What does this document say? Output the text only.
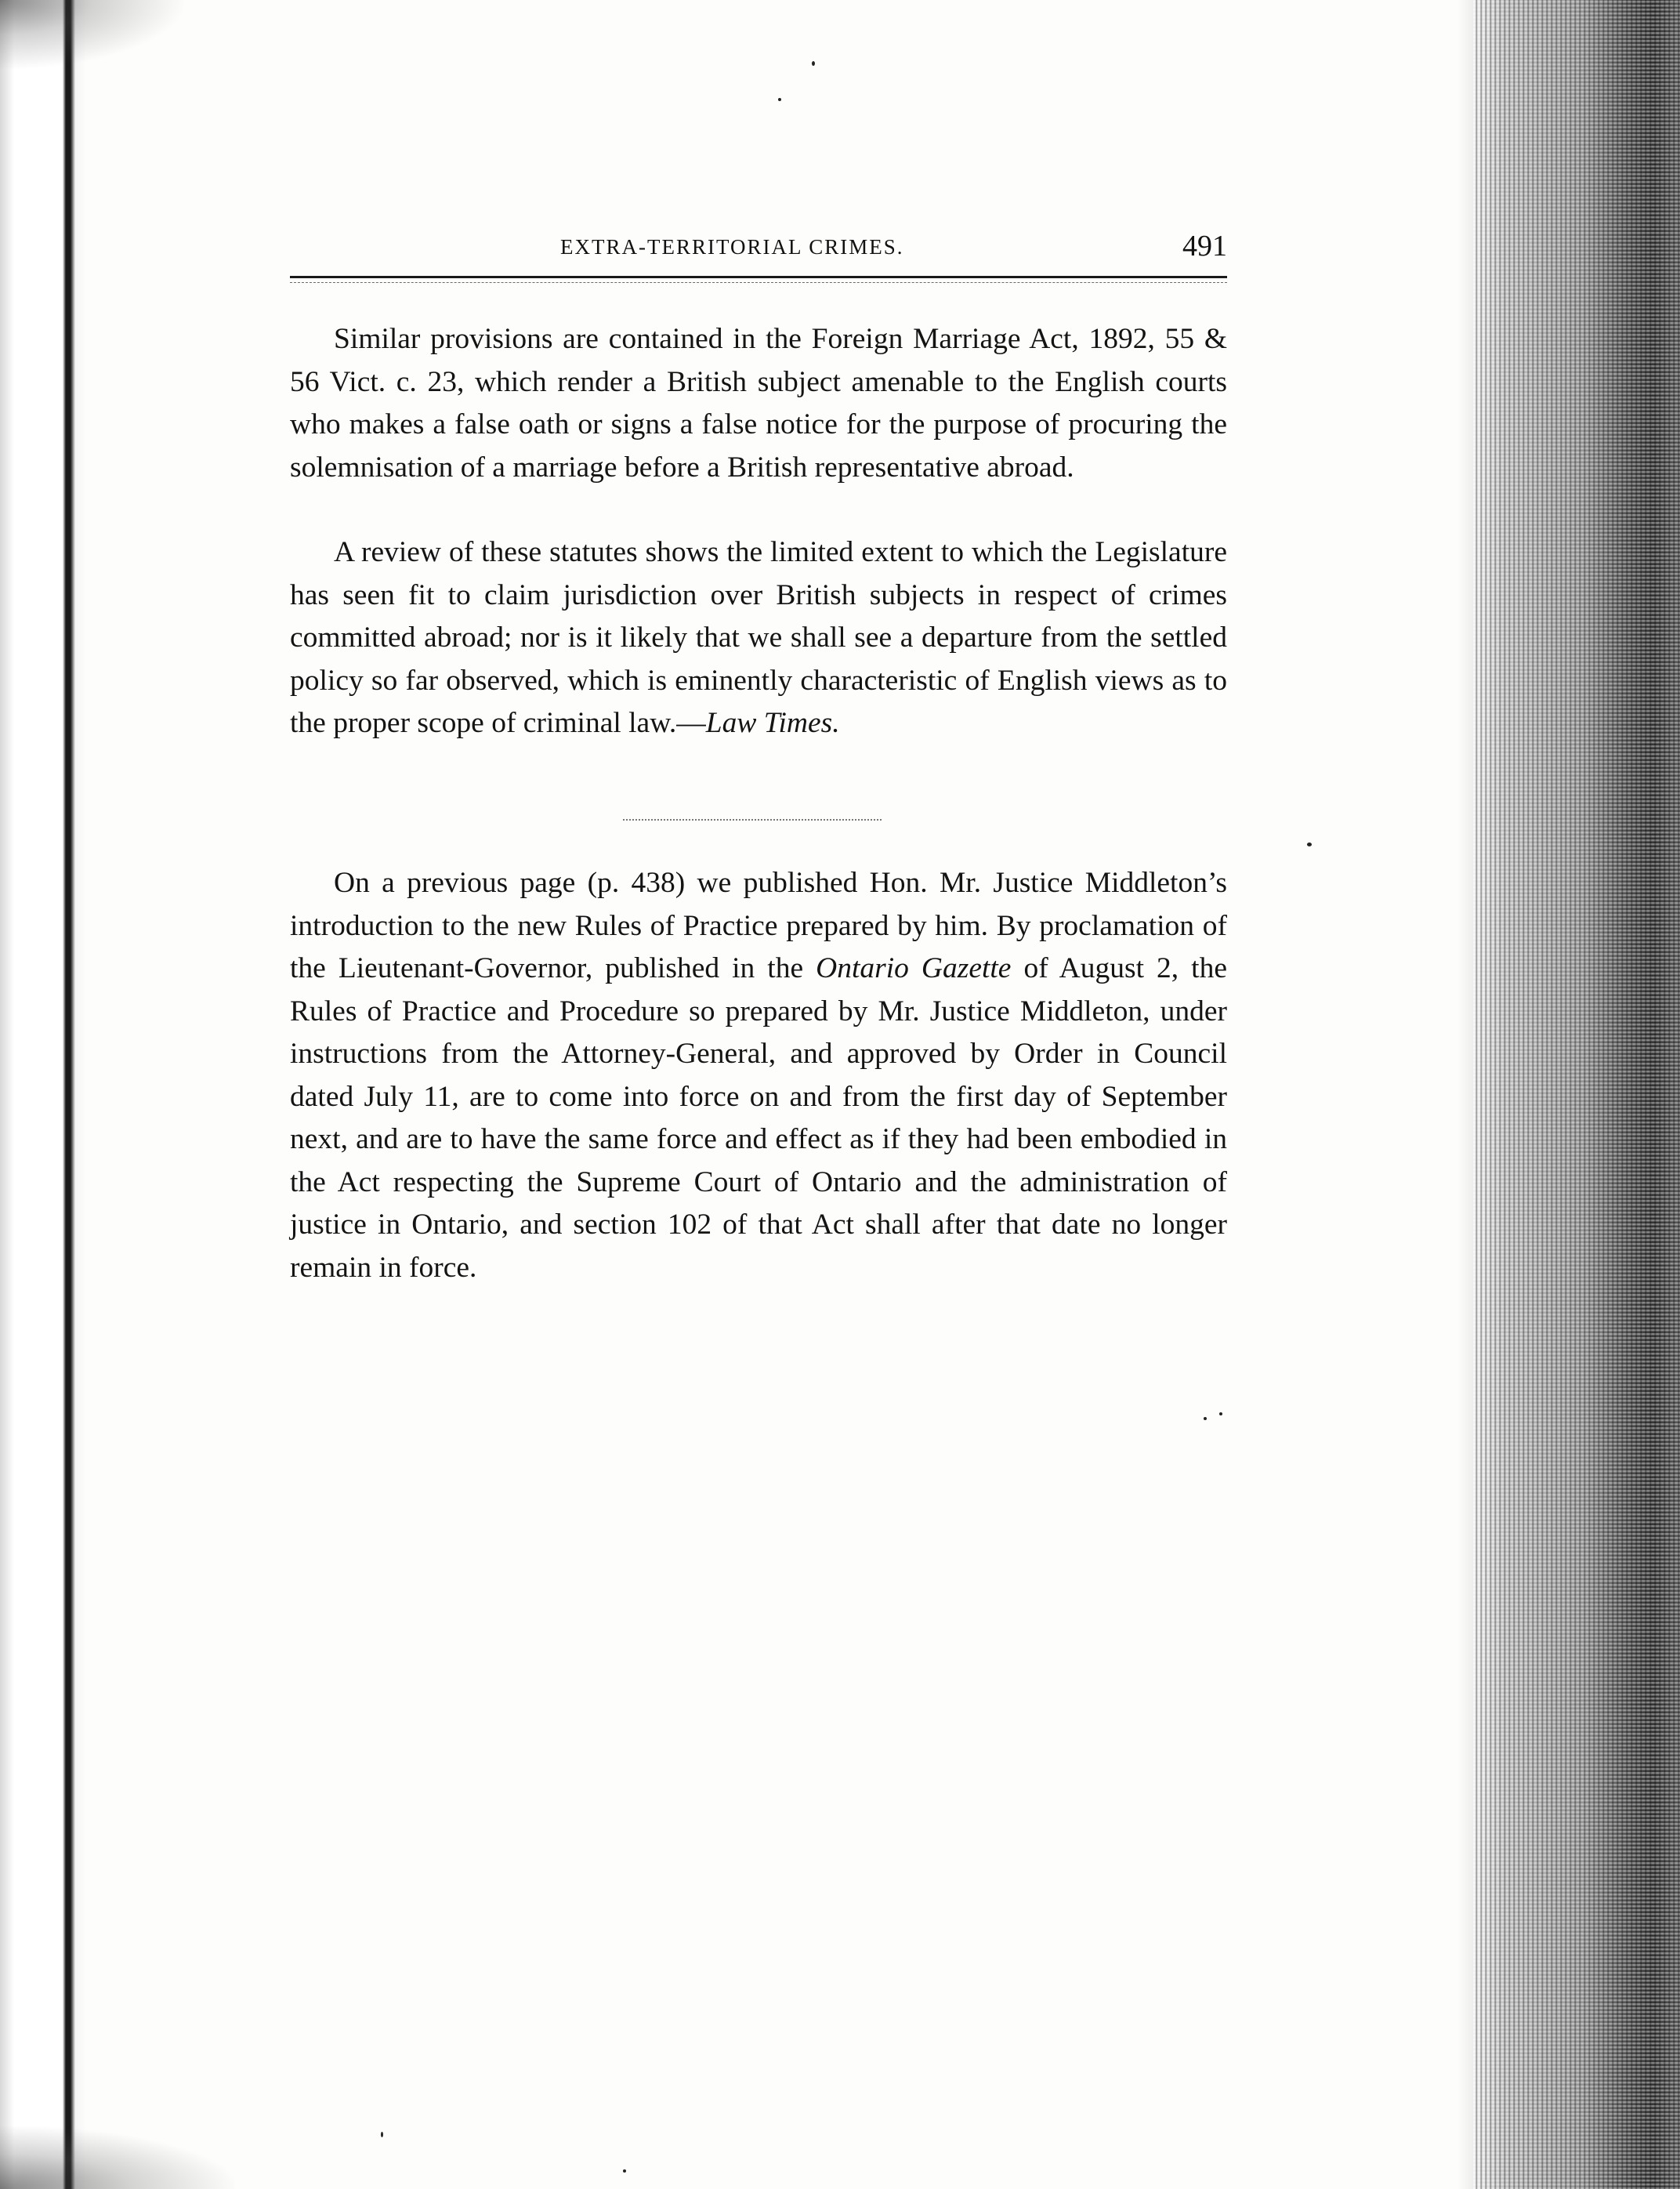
EXTRA-TERRITORIAL CRIMES.	491

Similar provisions are contained in the Foreign Marriage Act, 1892, 55 & 56 Vict. c. 23, which render a British subject amenable to the English courts who makes a false oath or signs a false notice for the purpose of procuring the solemnisation of a marriage before a British representative abroad.

A review of these statutes shows the limited extent to which the Legislature has seen fit to claim jurisdiction over British subjects in respect of crimes committed abroad; nor is it likely that we shall see a departure from the settled policy so far observed, which is eminently characteristic of English views as to the proper scope of criminal law.—Law Times.

On a previous page (p. 438) we published Hon. Mr. Justice Middleton’s introduction to the new Rules of Practice prepared by him. By proclamation of the Lieutenant-Governor, published in the Ontario Gazette of August 2, the Rules of Practice and Procedure so prepared by Mr. Justice Middleton, under instructions from the Attorney-General, and approved by Order in Council dated July 11, are to come into force on and from the first day of September next, and are to have the same force and effect as if they had been embodied in the Act respecting the Supreme Court of Ontario and the administration of justice in Ontario, and section 102 of that Act shall after that date no longer remain in force.
